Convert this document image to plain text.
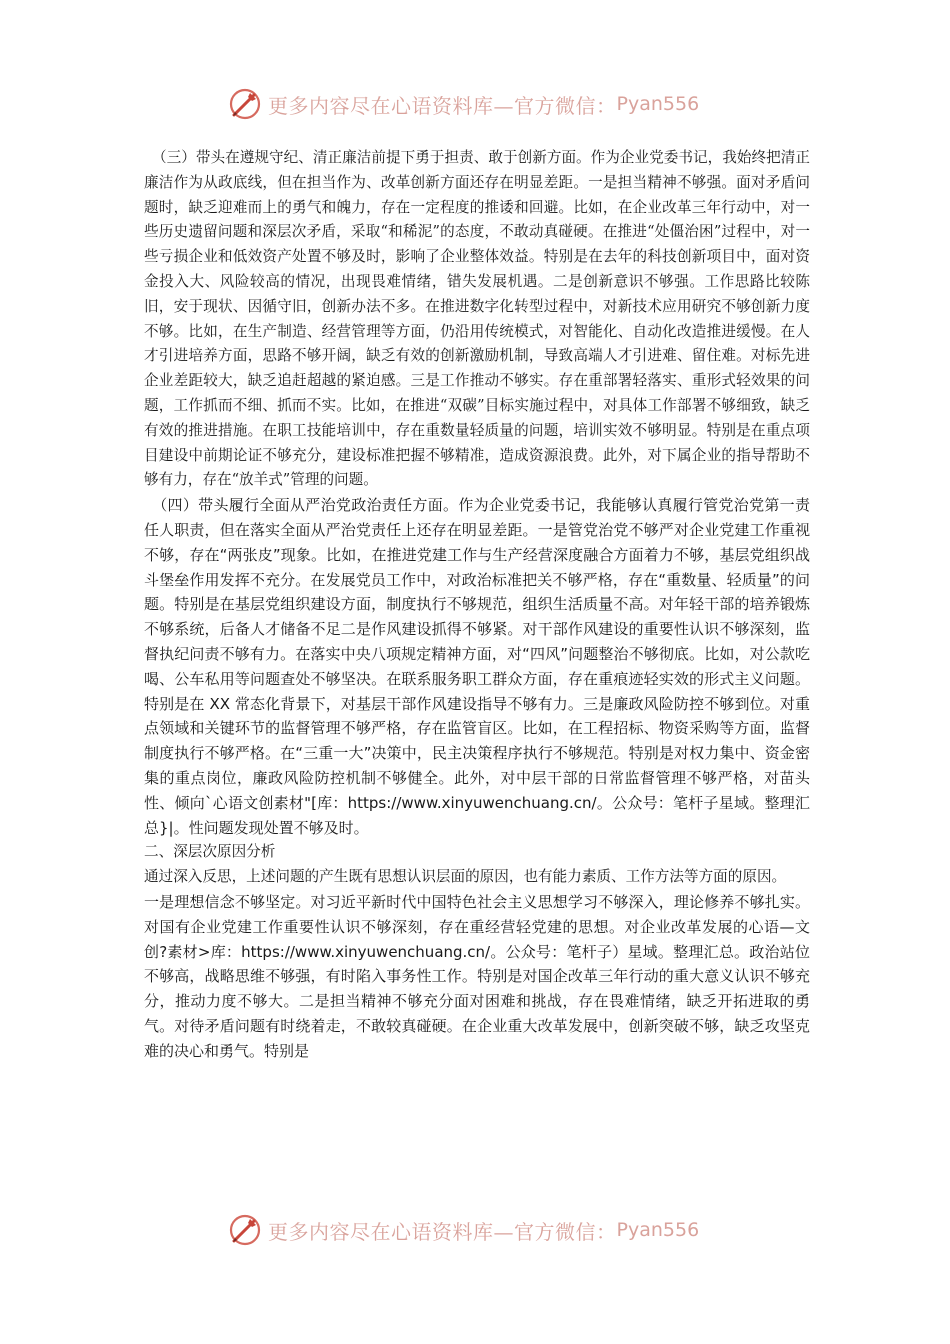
更多内容尽在心语资料库—官方微信： Pyan556

（三）带头在遵规守纪、清正廉洁前提下勇于担责、敢于创新方面。作为企业党委书记，我始终把清正廉洁作为从政底线，但在担当作为、改革创新方面还存在明显差距。一是担当精神不够强。面对矛盾问题时，缺乏迎难而上的勇气和魄力，存在一定程度的推诿和回避。比如，在企业改革三年行动中，对一些历史遗留问题和深层次矛盾，采取“和稀泥”的态度，不敢动真碰硬。在推进“处僵治困”过程中，对一些亏损企业和低效资产处置不够及时，影响了企业整体效益。特别是在去年的科技创新项目中，面对资金投入大、风险较高的情况，出现畏难情绪，错失发展机遇。二是创新意识不够强。工作思路比较陈旧，安于现状、因循守旧，创新办法不多。在推进数字化转型过程中，对新技术应用研究不够创新力度不够。比如，在生产制造、经营管理等方面，仍沿用传统模式，对智能化、自动化改造推进缓慢。在人才引进培养方面，思路不够开阔，缺乏有效的创新激励机制，导致高端人才引进难、留住难。对标先进企业差距较大，缺乏追赶超越的紧迫感。三是工作推动不够实。存在重部署轻落实、重形式轻效果的问题，工作抓而不细、抓而不实。比如，在推进“双碳”目标实施过程中，对具体工作部署不够细致，缺乏有效的推进措施。在职工技能培训中，存在重数量轻质量的问题，培训实效不够明显。特别是在重点项目建设中前期论证不够充分，建设标准把握不够精准，造成资源浪费。此外，对下属企业的指导帮助不够有力，存在“放羊式”管理的问题。

（四）带头履行全面从严治党政治责任方面。作为企业党委书记，我能够认真履行管党治党第一责任人职责，但在落实全面从严治党责任上还存在明显差距。一是管党治党不够严对企业党建工作重视不够，存在“两张皮”现象。比如，在推进党建工作与生产经营深度融合方面着力不够，基层党组织战斗堡垒作用发挥不充分。在发展党员工作中，对政治标准把关不够严格，存在“重数量、轻质量”的问题。特别是在基层党组织建设方面，制度执行不够规范，组织生活质量不高。对年轻干部的培养锻炼不够系统，后备人才储备不足二是作风建设抓得不够紧。对干部作风建设的重要性认识不够深刻，监督执纪问责不够有力。在落实中央八项规定精神方面，对“四风”问题整治不够彻底。比如，对公款吃喝、公车私用等问题查处不够坚决。在联系服务职工群众方面，存在重痕迹轻实效的形式主义问题。特别是在 XX 常态化背景下，对基层干部作风建设指导不够有力。三是廉政风险防控不够到位。对重点领域和关键环节的监督管理不够严格，存在监管盲区。比如，在工程招标、物资采购等方面，监督制度执行不够严格。在“三重一大”决策中，民主决策程序执行不够规范。特别是对权力集中、资金密集的重点岗位，廉政风险防控机制不够健全。此外，对中层干部的日常监督管理不够严格，对苗头性、倾向`心语文创素材"[库：https://www.xinyuwenchuang.cn/。公众号：笔杆子星域。整理汇总}|。性问题发现处置不够及时。

二、深层次原因分析

通过深入反思，上述问题的产生既有思想认识层面的原因，也有能力素质、工作方法等方面的原因。

一是理想信念不够坚定。对习近平新时代中国特色社会主义思想学习不够深入，理论修养不够扎实。对国有企业党建工作重要性认识不够深刻，存在重经营轻党建的思想。对企业改革发展的心语—文创?素材>库：https://www.xinyuwenchuang.cn/。公众号：笔杆子）星域。整理汇总。政治站位不够高，战略思维不够强，有时陷入事务性工作。特别是对国企改革三年行动的重大意义认识不够充分，推动力度不够大。二是担当精神不够充分面对困难和挑战，存在畏难情绪，缺乏开拓进取的勇气。对待矛盾问题有时绕着走，不敢较真碰硬。在企业重大改革发展中，创新突破不够，缺乏攻坚克难的决心和勇气。特别是

更多内容尽在心语资料库—官方微信： Pyan556
